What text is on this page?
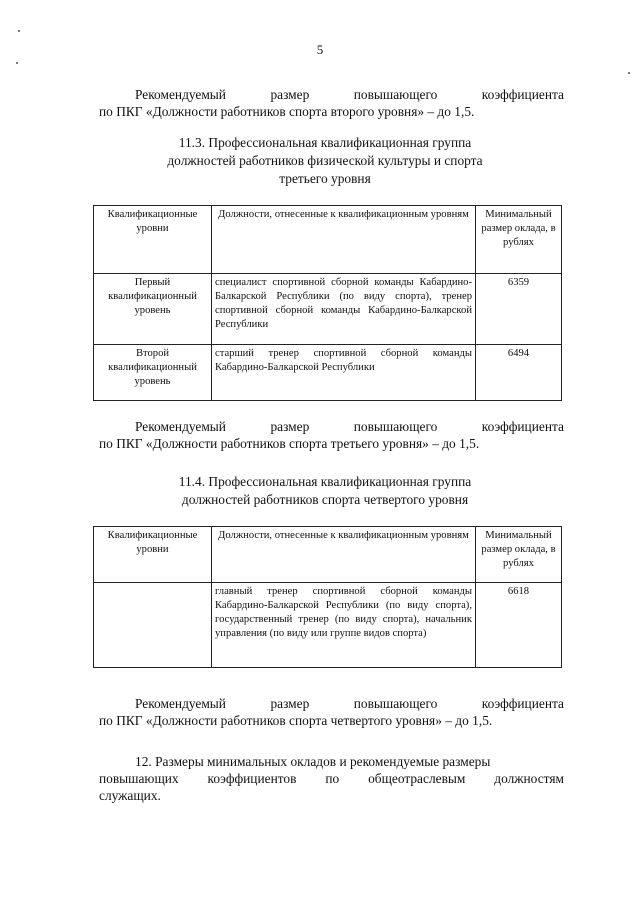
5
Рекомендуемый	размер	повышающего	коэффициента
по ПКГ «Должности работников спорта второго уровня» – до 1,5.
11.3. Профессиональная квалификационная группа
должностей работников физической культуры и спорта
третьего уровня
Квалификационные уровни	Должности, отнесенные к квалификационным уровням	Минимальный размер оклада, в рублях
Первый квалификационный уровень	специалист спортивной сборной команды Кабардино-Балкарской Республики (по виду спорта), тренер спортивной сборной команды Кабардино-Балкарской Республики	6359
Второй квалификационный уровень	старший тренер спортивной сборной команды Кабардино-Балкарской Республики	6494
Рекомендуемый	размер	повышающего	коэффициента
по ПКГ «Должности работников спорта третьего уровня» – до 1,5.
11.4. Профессиональная квалификационная группа
должностей работников спорта четвертого уровня
Квалификационные уровни	Должности, отнесенные к квалификационным уровням	Минимальный размер оклада, в рублях
	главный тренер спортивной сборной команды Кабардино-Балкарской Республики (по виду спорта), государственный тренер (по виду спорта), начальник управления (по виду или группе видов спорта)	6618
Рекомендуемый	размер	повышающего	коэффициента
по ПКГ «Должности работников спорта четвертого уровня» – до 1,5.
12. Размеры минимальных окладов и рекомендуемые размеры
повышающих коэффициентов по общеотраслевым должностям
служащих.
